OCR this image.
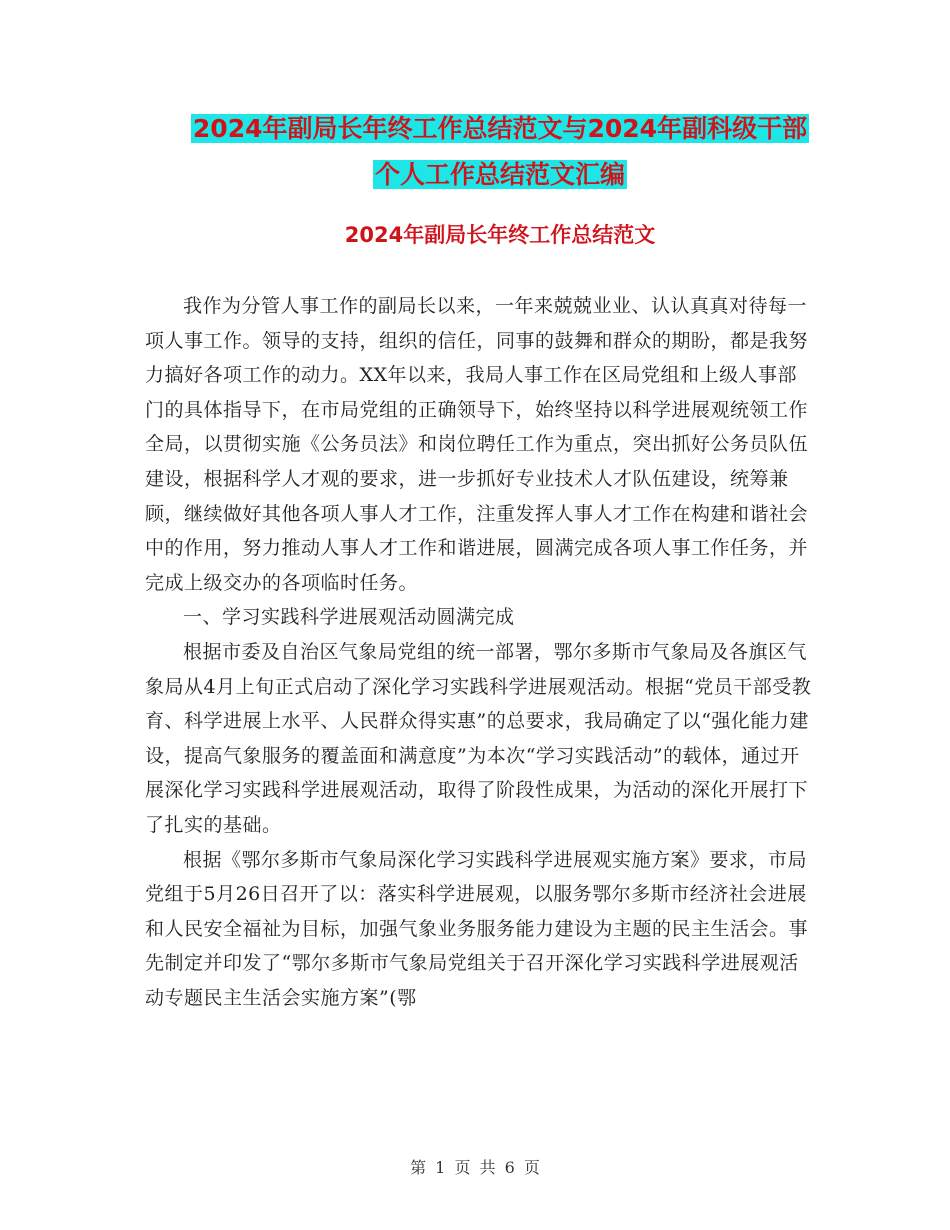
2024年副局长年终工作总结范文与2024年副科级干部
个人工作总结范文汇编
2024年副局长年终工作总结范文

我作为分管人事工作的副局长以来，一年来兢兢业业、认认真真对待每一项人事工作。领导的支持，组织的信任，同事的鼓舞和群众的期盼，都是我努力搞好各项工作的动力。XX年以来，我局人事工作在区局党组和上级人事部门的具体指导下，在市局党组的正确领导下，始终坚持以科学进展观统领工作全局，以贯彻实施《公务员法》和岗位聘任工作为重点，突出抓好公务员队伍建设，根据科学人才观的要求，进一步抓好专业技术人才队伍建设，统筹兼顾，继续做好其他各项人事人才工作，注重发挥人事人才工作在构建和谐社会中的作用，努力推动人事人才工作和谐进展，圆满完成各项人事工作任务，并完成上级交办的各项临时任务。

一、学习实践科学进展观活动圆满完成

根据市委及自治区气象局党组的统一部署，鄂尔多斯市气象局及各旗区气象局从4月上旬正式启动了深化学习实践科学进展观活动。根据“党员干部受教育、科学进展上水平、人民群众得实惠”的总要求，我局确定了以“强化能力建设，提高气象服务的覆盖面和满意度”为本次“学习实践活动”的载体，通过开展深化学习实践科学进展观活动，取得了阶段性成果，为活动的深化开展打下了扎实的基础。

根据《鄂尔多斯市气象局深化学习实践科学进展观实施方案》要求，市局党组于5月26日召开了以：落实科学进展观，以服务鄂尔多斯市经济社会进展和人民安全福祉为目标，加强气象业务服务能力建设为主题的民主生活会。事先制定并印发了“鄂尔多斯市气象局党组关于召开深化学习实践科学进展观活动专题民主生活会实施方案”(鄂

第 1 页 共 6 页
